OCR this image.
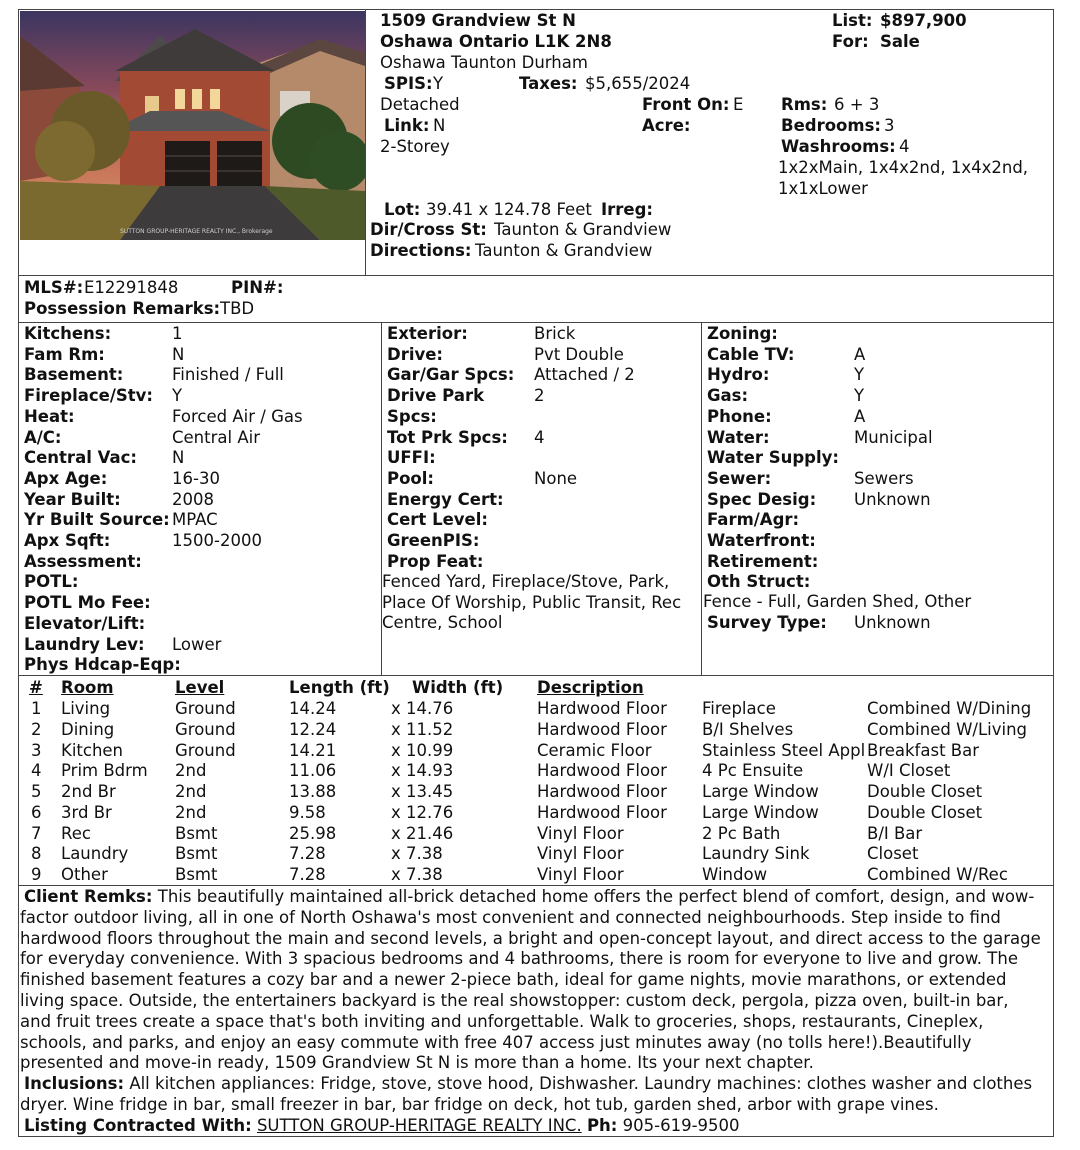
SUTTON GROUP-HERITAGE REALTY INC., Brokerage
1509 Grandview St N
Oshawa Ontario L1K 2N8
Oshawa Taunton Durham
SPIS: Y	Taxes: $5,655/2024
Detached	Front On: E
Link: N	Acre:
2-Storey
List: $897,900
For: Sale
Rms: 6 + 3
Bedrooms: 3
Washrooms: 4
1x2xMain, 1x4x2nd, 1x4x2nd,
1x1xLower
Lot: 39.41 x 124.78 Feet Irreg:
Dir/Cross St: Taunton & Grandview
Directions: Taunton & Grandview
MLS#: E12291848	PIN#:
Possession Remarks: TBD
Kitchens:	1
Fam Rm:	N
Basement:	Finished / Full
Fireplace/Stv: Y
Heat:	Forced Air / Gas
A/C:	Central Air
Central Vac: N
Apx Age:	16-30
Year Built:	2008
Yr Built Source: MPAC
Apx Sqft:	1500-2000
Assessment:
POTL:
POTL Mo Fee:
Elevator/Lift:
Laundry Lev: Lower
Phys Hdcap-Eqp:
Exterior:	Brick
Drive:	Pvt Double
Gar/Gar Spcs: Attached / 2
Drive Park	2
Spcs:
Tot Prk Spcs: 4
UFFI:
Pool:	None
Energy Cert:
Cert Level:
GreenPIS:
Prop Feat:
Zoning:
Cable TV:	A
Hydro:	Y
Gas:	Y
Phone:	A
Water:	Municipal
Water Supply:
Sewer:	Sewers
Spec Desig: Unknown
Farm/Agr:
Waterfront:
Retirement:
Oth Struct:
Fenced Yard, Fireplace/Stove, Park,
Place Of Worship, Public Transit, Rec
Centre, School
Fence - Full, Garden Shed, Other
Survey Type: Unknown
# Room	Level	Length (ft) Width (ft) Description
1 Living	Ground	14.24	x 14.76	Hardwood Floor Fireplace	Combined W/Dining
2 Dining	Ground	12.24	x 11.52	Hardwood Floor B/I Shelves	Combined W/Living
3 Kitchen	Ground	14.21	x 10.99	Ceramic Floor	Stainless Steel Appl Breakfast Bar
4 Prim Bdrm 2nd	11.06	x 14.93	Hardwood Floor 4 Pc Ensuite	W/I Closet
5 2nd Br	2nd	13.88	x 13.45	Hardwood Floor Large Window	Double Closet
6 3rd Br	2nd	9.58	x 12.76	Hardwood Floor Large Window	Double Closet
7 Rec	Bsmt	25.98	x 21.46	Vinyl Floor	2 Pc Bath	B/I Bar
8 Laundry	Bsmt	7.28	x 7.38	Vinyl Floor	Laundry Sink	Closet
9 Other	Bsmt	7.28	x 7.38	Vinyl Floor	Window	Combined W/Rec
Client Remks: This beautifully maintained all-brick detached home offers the perfect blend of comfort, design, and wow-
factor outdoor living, all in one of North Oshawa's most convenient and connected neighbourhoods. Step inside to find
hardwood floors throughout the main and second levels, a bright and open-concept layout, and direct access to the garage
for everyday convenience. With 3 spacious bedrooms and 4 bathrooms, there is room for everyone to live and grow. The
finished basement features a cozy bar and a newer 2-piece bath, ideal for game nights, movie marathons, or extended
living space. Outside, the entertainers backyard is the real showstopper: custom deck, pergola, pizza oven, built-in bar,
and fruit trees create a space that's both inviting and unforgettable. Walk to groceries, shops, restaurants, Cineplex,
schools, and parks, and enjoy an easy commute with free 407 access just minutes away (no tolls here!).Beautifully
presented and move-in ready, 1509 Grandview St N is more than a home. Its your next chapter.
Inclusions: All kitchen appliances: Fridge, stove, stove hood, Dishwasher. Laundry machines: clothes washer and clothes
dryer. Wine fridge in bar, small freezer in bar, bar fridge on deck, hot tub, garden shed, arbor with grape vines.
Listing Contracted With: SUTTON GROUP-HERITAGE REALTY INC. Ph: 905-619-9500
